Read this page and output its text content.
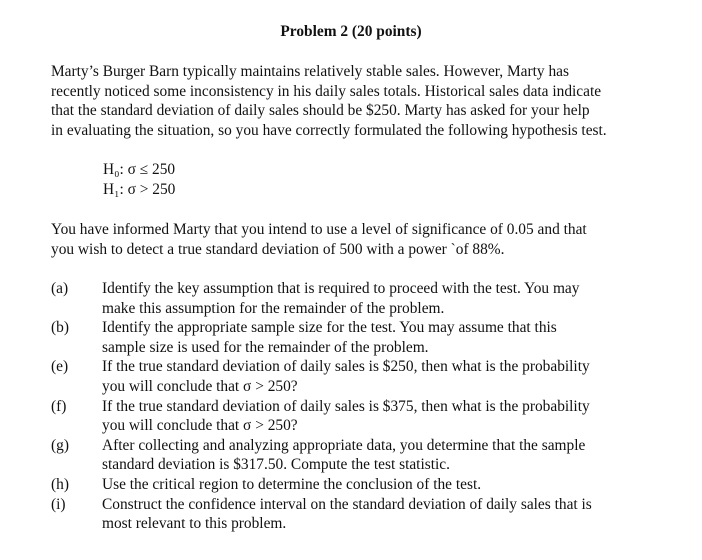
Problem 2 (20 points)
Marty’s Burger Barn typically maintains relatively stable sales. However, Marty has
recently noticed some inconsistency in his daily sales totals. Historical sales data indicate
that the standard deviation of daily sales should be $250. Marty has asked for your help
in evaluating the situation, so you have correctly formulated the following hypothesis test.
H₀: σ ≤ 250
H₁: σ > 250
You have informed Marty that you intend to use a level of significance of 0.05 and that
you wish to detect a true standard deviation of 500 with a power `of 88%.
(a) Identify the key assumption that is required to proceed with the test. You may
make this assumption for the remainder of the problem.
(b) Identify the appropriate sample size for the test. You may assume that this
sample size is used for the remainder of the problem.
(e) If the true standard deviation of daily sales is $250, then what is the probability
you will conclude that σ > 250?
(f) If the true standard deviation of daily sales is $375, then what is the probability
you will conclude that σ > 250?
(g) After collecting and analyzing appropriate data, you determine that the sample
standard deviation is $317.50. Compute the test statistic.
(h) Use the critical region to determine the conclusion of the test.
(i) Construct the confidence interval on the standard deviation of daily sales that is
most relevant to this problem.
